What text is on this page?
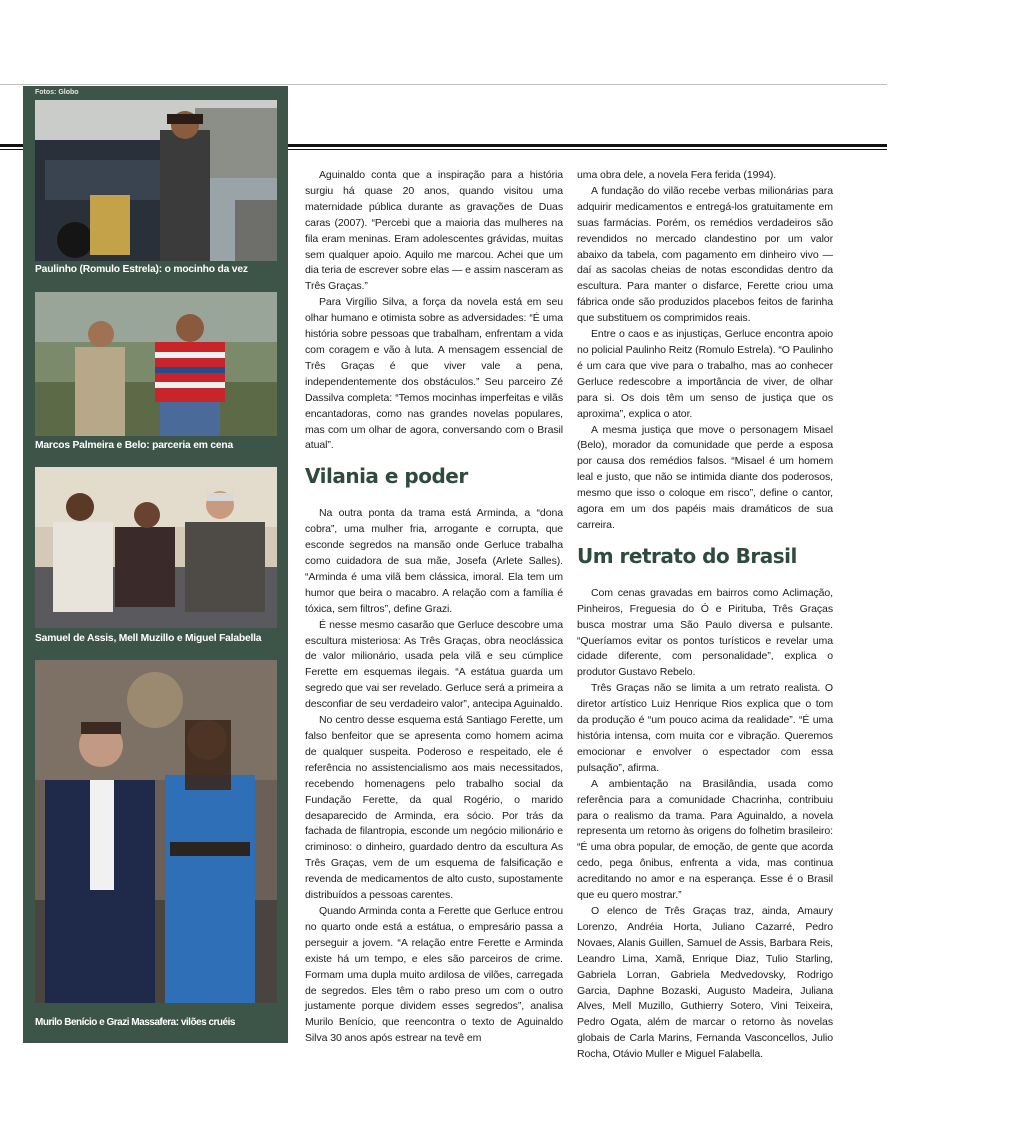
Fotos: Globo
Paulinho (Romulo Estrela): o mocinho da vez
Marcos Palmeira e Belo: parceria em cena
Samuel de Assis, Mell Muzillo e Miguel Falabella
Murilo Benício e Grazi Massafera: vilões cruéis

Aguinaldo conta que a inspiração para a história surgiu há quase 20 anos, quando visitou uma maternidade pública durante as gravações de Duas caras (2007). “Percebi que a maioria das mulheres na fila eram meninas. Eram adolescentes grávidas, muitas sem qualquer apoio. Aquilo me marcou. Achei que um dia teria de escrever sobre elas — e assim nasceram as Três Graças.”

Para Virgílio Silva, a força da novela está em seu olhar humano e otimista sobre as adversidades: “É uma história sobre pessoas que trabalham, enfrentam a vida com coragem e vão à luta. A mensagem essencial de Três Graças é que viver vale a pena, independentemente dos obstáculos.” Seu parceiro Zé Dassilva completa: “Temos mocinhas imperfeitas e vilãs encantadoras, como nas grandes novelas populares, mas com um olhar de agora, conversando com o Brasil atual”.

Vilania e poder

Na outra ponta da trama está Arminda, a “dona cobra”, uma mulher fria, arrogante e corrupta, que esconde segredos na mansão onde Gerluce trabalha como cuidadora de sua mãe, Josefa (Arlete Salles). “Arminda é uma vilã bem clássica, imoral. Ela tem um humor que beira o macabro. A relação com a família é tóxica, sem filtros”, define Grazi.

É nesse mesmo casarão que Gerluce descobre uma escultura misteriosa: As Três Graças, obra neoclássica de valor milionário, usada pela vilã e seu cúmplice Ferette em esquemas ilegais. “A estátua guarda um segredo que vai ser revelado. Gerluce será a primeira a desconfiar de seu verdadeiro valor”, antecipa Aguinaldo.

No centro desse esquema está Santiago Ferette, um falso benfeitor que se apresenta como homem acima de qualquer suspeita. Poderoso e respeitado, ele é referência no assistencialismo aos mais necessitados, recebendo homenagens pelo trabalho social da Fundação Ferette, da qual Rogério, o marido desaparecido de Arminda, era sócio. Por trás da fachada de filantropia, esconde um negócio milionário e criminoso: o dinheiro, guardado dentro da escultura As Três Graças, vem de um esquema de falsificação e revenda de medicamentos de alto custo, supostamente distribuídos a pessoas carentes.

Quando Arminda conta a Ferette que Gerluce entrou no quarto onde está a estátua, o empresário passa a perseguir a jovem. “A relação entre Ferette e Arminda existe há um tempo, e eles são parceiros de crime. Formam uma dupla muito ardilosa de vilões, carregada de segredos. Eles têm o rabo preso um com o outro justamente porque dividem esses segredos”, analisa Murilo Benício, que reencontra o texto de Aguinaldo Silva 30 anos após estrear na tevê em

uma obra dele, a novela Fera ferida (1994).

A fundação do vilão recebe verbas milionárias para adquirir medicamentos e entregá-los gratuitamente em suas farmácias. Porém, os remédios verdadeiros são revendidos no mercado clandestino por um valor abaixo da tabela, com pagamento em dinheiro vivo — daí as sacolas cheias de notas escondidas dentro da escultura. Para manter o disfarce, Ferette criou uma fábrica onde são produzidos placebos feitos de farinha que substituem os comprimidos reais.

Entre o caos e as injustiças, Gerluce encontra apoio no policial Paulinho Reitz (Romulo Estrela). “O Paulinho é um cara que vive para o trabalho, mas ao conhecer Gerluce redescobre a importância de viver, de olhar para si. Os dois têm um senso de justiça que os aproxima”, explica o ator.

A mesma justiça que move o personagem Misael (Belo), morador da comunidade que perde a esposa por causa dos remédios falsos. “Misael é um homem leal e justo, que não se intimida diante dos poderosos, mesmo que isso o coloque em risco”, define o cantor, agora em um dos papéis mais dramáticos de sua carreira.

Um retrato do Brasil

Com cenas gravadas em bairros como Aclimação, Pinheiros, Freguesia do Ó e Pirituba, Três Graças busca mostrar uma São Paulo diversa e pulsante. “Queríamos evitar os pontos turísticos e revelar uma cidade diferente, com personalidade”, explica o produtor Gustavo Rebelo.

Três Graças não se limita a um retrato realista. O diretor artístico Luiz Henrique Rios explica que o tom da produção é “um pouco acima da realidade”. “É uma história intensa, com muita cor e vibração. Queremos emocionar e envolver o espectador com essa pulsação”, afirma.

A ambientação na Brasilândia, usada como referência para a comunidade Chacrinha, contribuiu para o realismo da trama. Para Aguinaldo, a novela representa um retorno às origens do folhetim brasileiro: “É uma obra popular, de emoção, de gente que acorda cedo, pega ônibus, enfrenta a vida, mas continua acreditando no amor e na esperança. Esse é o Brasil que eu quero mostrar.”

O elenco de Três Graças traz, ainda, Amaury Lorenzo, Andréia Horta, Juliano Cazarré, Pedro Novaes, Alanis Guillen, Samuel de Assis, Barbara Reis, Leandro Lima, Xamã, Enrique Diaz, Tulio Starling, Gabriela Lorran, Gabriela Medvedovsky, Rodrigo Garcia, Daphne Bozaski, Augusto Madeira, Juliana Alves, Mell Muzillo, Guthierry Sotero, Vini Teixeira, Pedro Ogata, além de marcar o retorno às novelas globais de Carla Marins, Fernanda Vasconcellos, Julio Rocha, Otávio Muller e Miguel Falabella.
